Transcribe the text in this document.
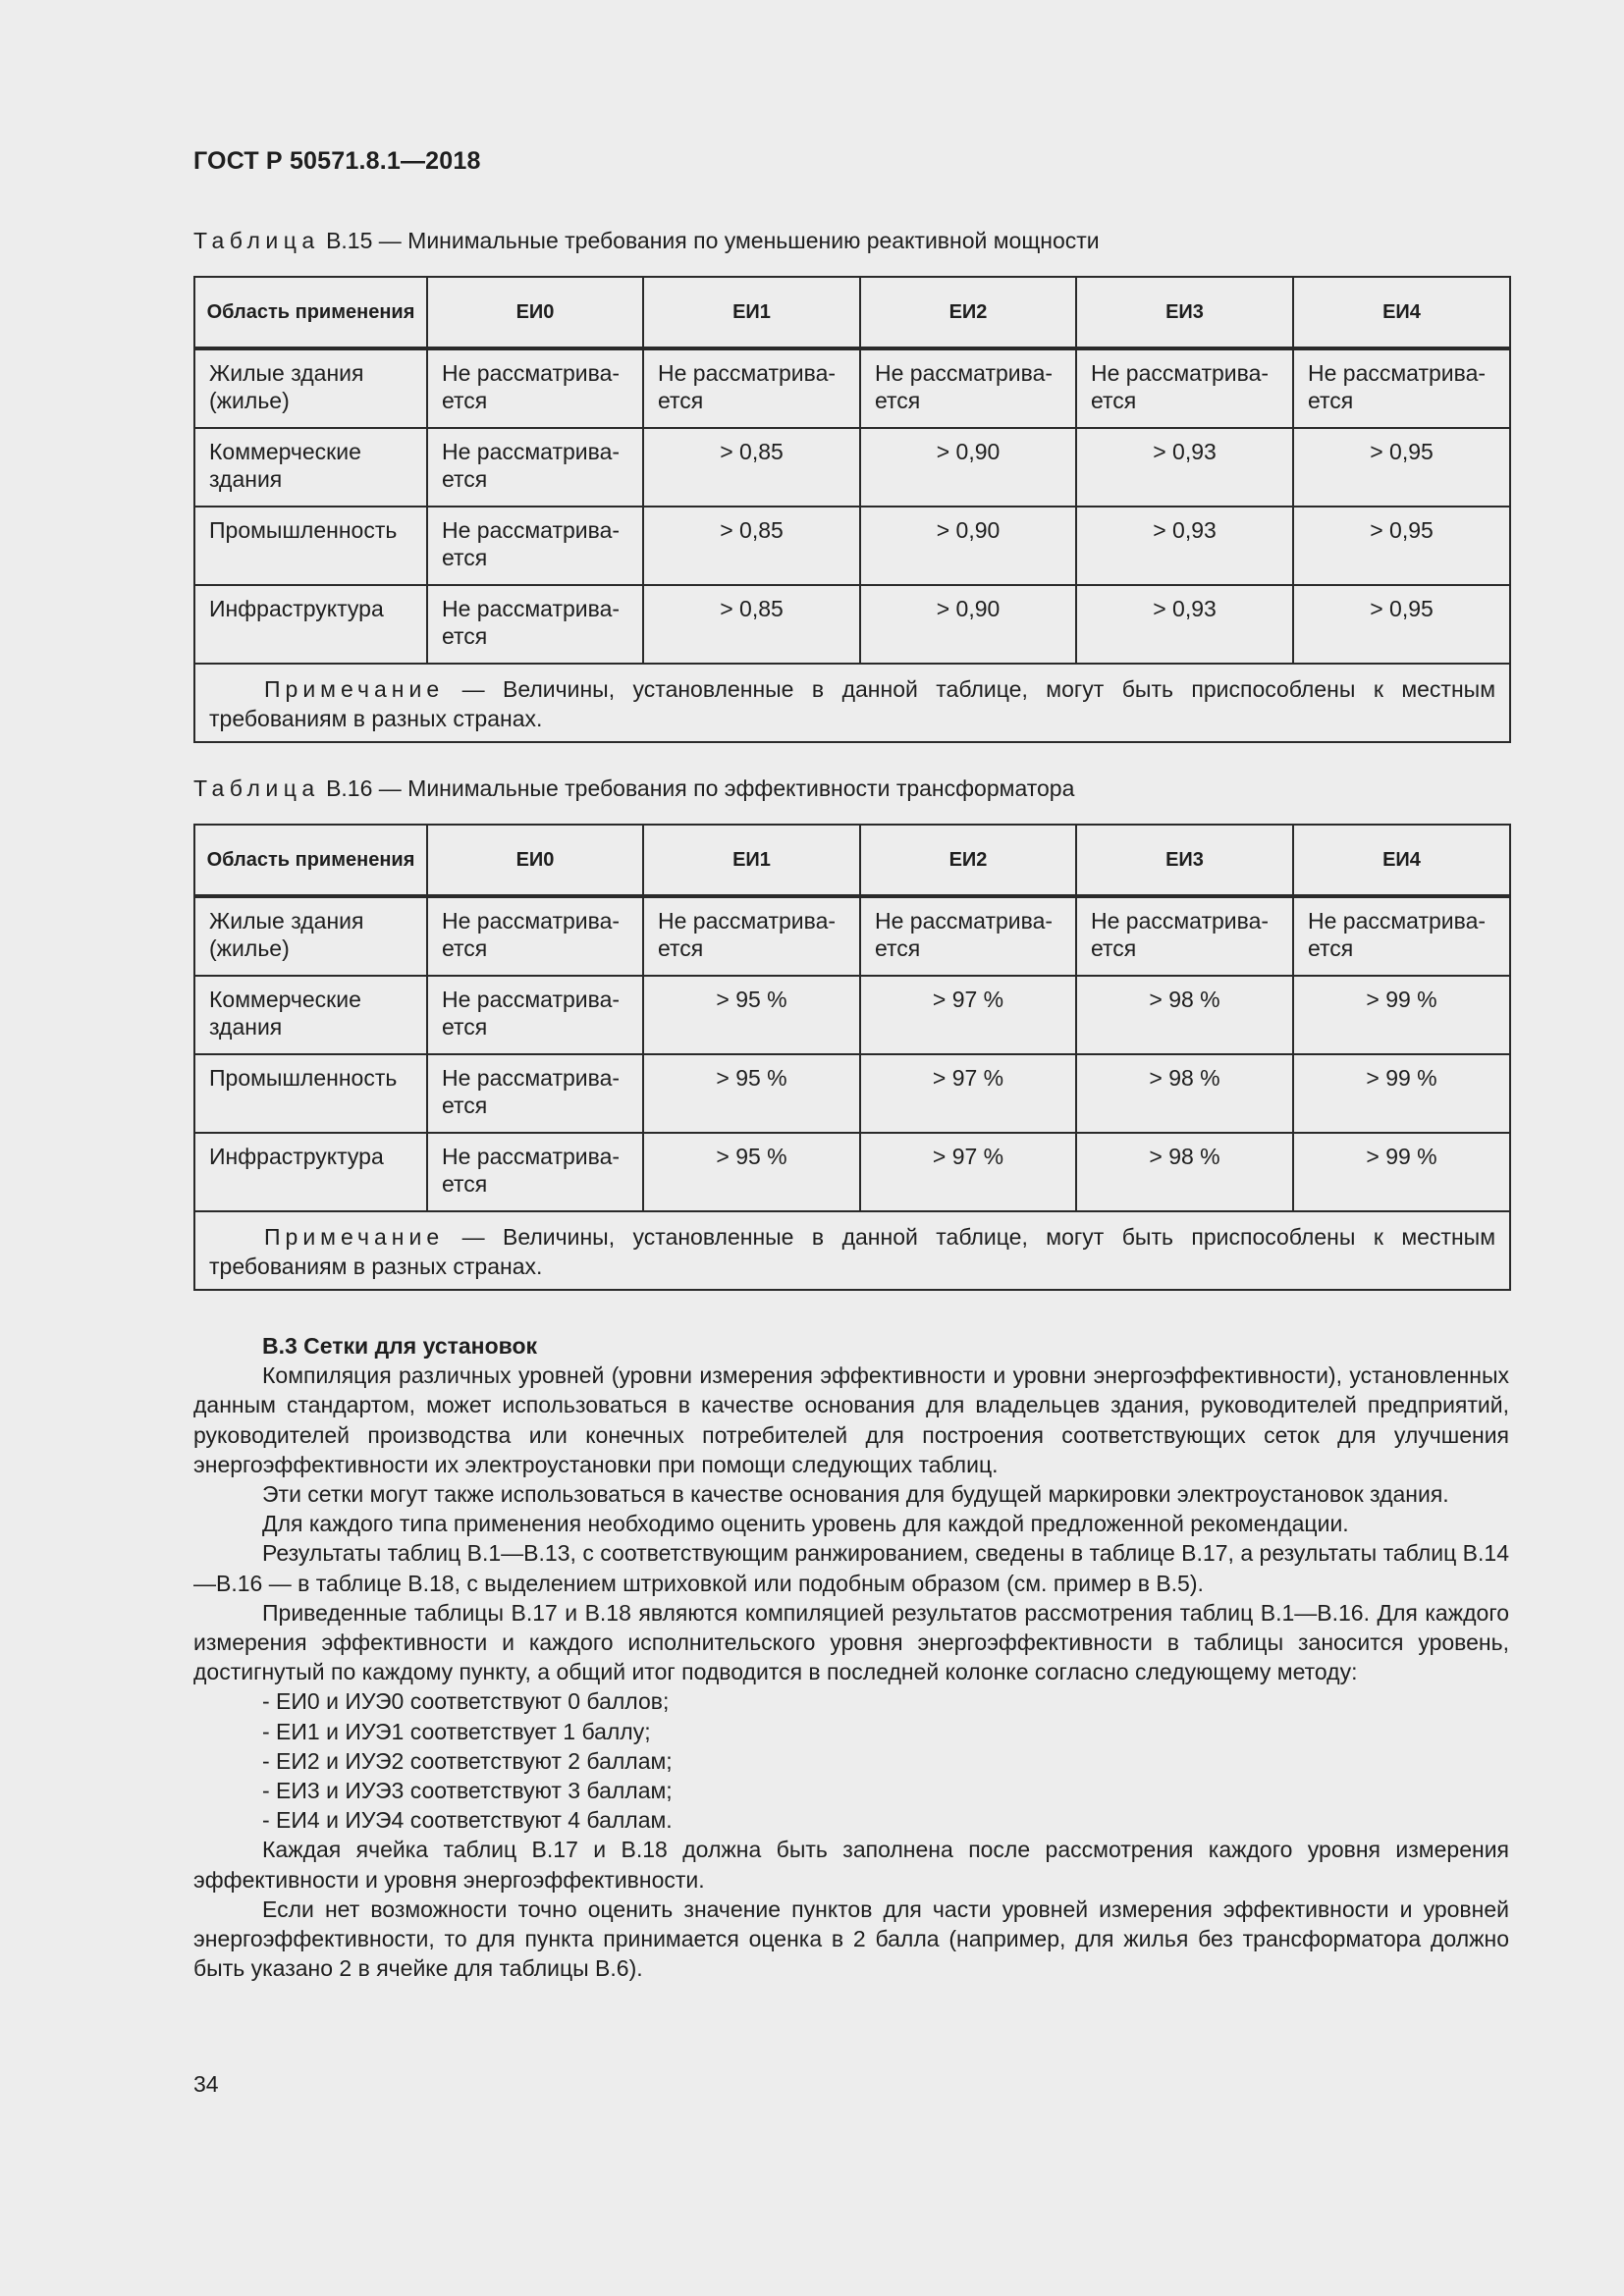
ГОСТ Р 50571.8.1—2018
Таблица В.15 — Минимальные требования по уменьшению реактивной мощности
Область применения	ЕИ0	ЕИ1	ЕИ2	ЕИ3	ЕИ4
Жилые здания (жилье)	Не рассматрива-ется	Не рассматрива-ется	Не рассматрива-ется	Не рассматрива-ется	Не рассматрива-ется
Коммерческие здания	Не рассматрива-ется	> 0,85	> 0,90	> 0,93	> 0,95
Промышленность	Не рассматрива-ется	> 0,85	> 0,90	> 0,93	> 0,95
Инфраструктура	Не рассматрива-ется	> 0,85	> 0,90	> 0,93	> 0,95
Примечание — Величины, установленные в данной таблице, могут быть приспособлены к местным требованиям в разных странах.					
Таблица В.16 — Минимальные требования по эффективности трансформатора
Область применения	ЕИ0	ЕИ1	ЕИ2	ЕИ3	ЕИ4
Жилые здания (жилье)	Не рассматрива-ется	Не рассматрива-ется	Не рассматрива-ется	Не рассматрива-ется	Не рассматрива-ется
Коммерческие здания	Не рассматрива-ется	> 95 %	> 97 %	> 98 %	> 99 %
Промышленность	Не рассматрива-ется	> 95 %	> 97 %	> 98 %	> 99 %
Инфраструктура	Не рассматрива-ется	> 95 %	> 97 %	> 98 %	> 99 %
Примечание — Величины, установленные в данной таблице, могут быть приспособлены к местным требованиям в разных странах.					

В.3 Сетки для установок

Компиляция различных уровней (уровни измерения эффективности и уровни энергоэффективности), установленных данным стандартом, может использоваться в качестве основания для владельцев здания, руководителей предприятий, руководителей производства или конечных потребителей для построения соответствующих сеток для улучшения энергоэффективности их электроустановки при помощи следующих таблиц.

Эти сетки могут также использоваться в качестве основания для будущей маркировки электроустановок здания.

Для каждого типа применения необходимо оценить уровень для каждой предложенной рекомендации.

Результаты таблиц В.1—В.13, с соответствующим ранжированием, сведены в таблице В.17, а результаты таблиц В.14—В.16 — в таблице В.18, с выделением штриховкой или подобным образом (см. пример в В.5).

Приведенные таблицы В.17 и В.18 являются компиляцией результатов рассмотрения таблиц В.1—В.16. Для каждого измерения эффективности и каждого исполнительского уровня энергоэффективности в таблицы заносится уровень, достигнутый по каждому пункту, а общий итог подводится в последней колонке согласно следующему методу:

- ЕИ0 и ИУЭ0 соответствуют 0 баллов;

- ЕИ1 и ИУЭ1 соответствует 1 баллу;

- ЕИ2 и ИУЭ2 соответствуют 2 баллам;

- ЕИ3 и ИУЭ3 соответствуют 3 баллам;

- ЕИ4 и ИУЭ4 соответствуют 4 баллам.

Каждая ячейка таблиц В.17 и В.18 должна быть заполнена после рассмотрения каждого уровня измерения эффективности и уровня энергоэффективности.

Если нет возможности точно оценить значение пунктов для части уровней измерения эффективности и уровней энергоэффективности, то для пункта принимается оценка в 2 балла (например, для жилья без трансформатора должно быть указано 2 в ячейке для таблицы В.6).

34
